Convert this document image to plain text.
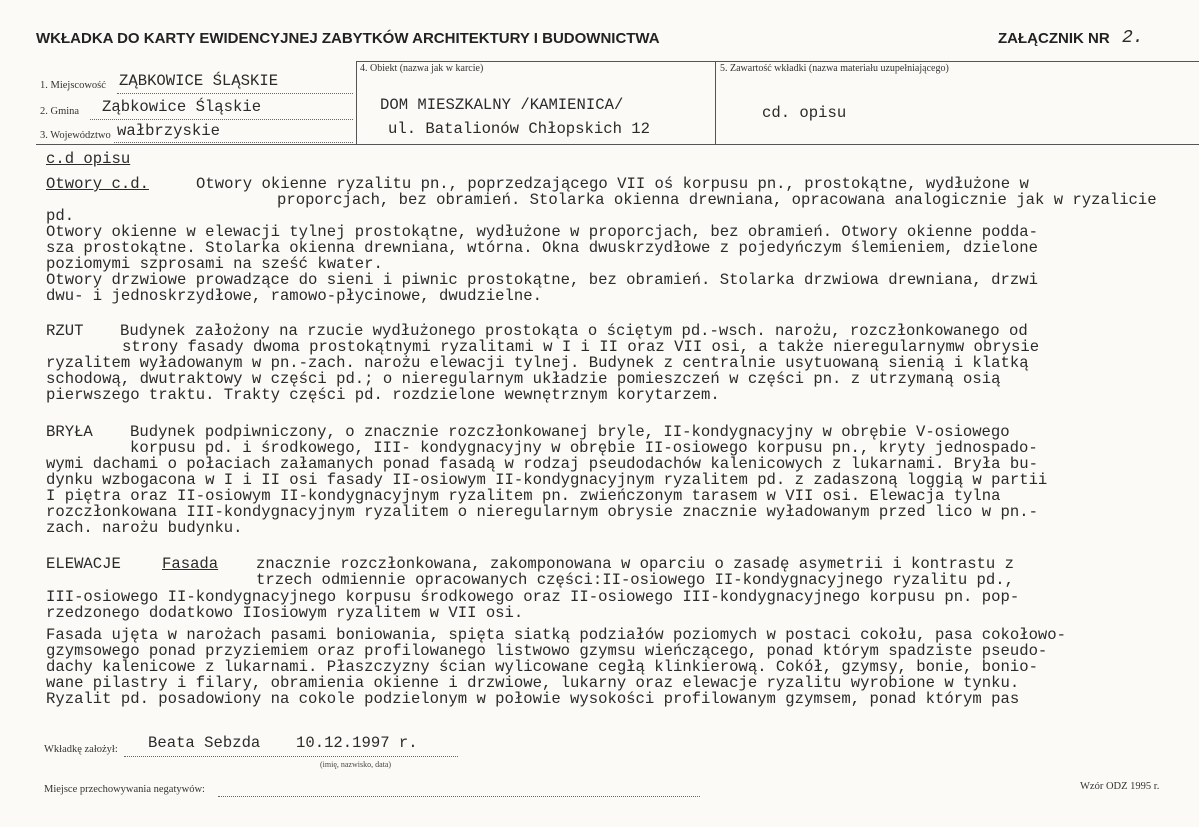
WKŁADKA DO KARTY EWIDENCYJNEJ ZABYTKÓW ARCHITEKTURY I BUDOWNICTWA	ZAŁĄCZNIK NR 2.
1. Miejscowość ZĄBKOWICE ŚLĄSKIE
2. Gmina Ząbkowice Śląskie
3. Województwo wałbrzyskie
4. Obiekt (nazwa jak w karcie)
DOM MIESZKALNY /KAMIENICA/
ul. Batalionów Chłopskich 12
5. Zawartość wkładki (nazwa materiału uzupełniającego)
cd. opisu
c.d opisu
Otwory c.d.	Otwory okienne ryzalitu pn., poprzedzającego VII oś korpusu pn., prostokątne, wydłużone w
proporcjach, bez obramień. Stolarka okienna drewniana, opracowana analogicznie jak w ryzalicie
pd.
Otwory okienne w elewacji tylnej prostokątne, wydłużone w proporcjach, bez obramień. Otwory okienne podda-
sza prostokątne. Stolarka okienna drewniana, wtórna. Okna dwuskrzydłowe z pojedyńczym ślemieniem, dzielone
poziomymi szprosami na sześć kwater.
Otwory drzwiowe prowadzące do sieni i piwnic prostokątne, bez obramień. Stolarka drzwiowa drewniana, drzwi
dwu- i jednoskrzydłowe, ramowo-płycinowe, dwudzielne.
RZUT Budynek założony na rzucie wydłużonego prostokąta o ściętym pd.-wsch. narożu, rozczłonkowanego od
strony fasady dwoma prostokątnymi ryzalitami w I i II oraz VII osi, a także nieregularnymw obrysie
ryzalitem wyładowanym w pn.-zach. narożu elewacji tylnej. Budynek z centralnie usytuowaną sienią i klatką
schodową, dwutraktowy w części pd.; o nieregularnym układzie pomieszczeń w części pn. z utrzymaną osią
pierwszego traktu. Trakty części pd. rozdzielone wewnętrznym korytarzem.
BRYŁA Budynek podpiwniczony, o znacznie rozczłonkowanej bryle, II-kondygnacyjny w obrębie V-osiowego
korpusu pd. i środkowego, III- kondygnacyjny w obrębie II-osiowego korpusu pn., kryty jednospado-
wymi dachami o połaciach załamanych ponad fasadą w rodzaj pseudodachów kalenicowych z lukarnami. Bryła bu-
dynku wzbogacona w I i II osi fasady II-osiowym II-kondygnacyjnym ryzalitem pd. z zadaszoną loggią w partii
I piętra oraz II-osiowym II-kondygnacyjnym ryzalitem pn. zwieńczonym tarasem w VII osi. Elewacja tylna
rozczłonkowana III-kondygnacyjnym ryzalitem o nieregularnym obrysie znacznie wyładowanym przed lico w pn.-
zach. narożu budynku.
ELEWACJE	Fasada znacznie rozczłonkowana, zakomponowana w oparciu o zasadę asymetrii i kontrastu z
trzech odmiennie opracowanych części:II-osiowego II-kondygnacyjnego ryzalitu pd.,
III-osiowego II-kondygnacyjnego korpusu środkowego oraz II-osiowego III-kondygnacyjnego korpusu pn. pop-
rzedzonego dodatkowo IIosiowym ryzalitem w VII osi.
Fasada ujęta w narożach pasami boniowania, spięta siatką podziałów poziomych w postaci cokołu, pasa cokołowo-
gzymsowego ponad przyziemiem oraz profilowanego listwowo gzymsu wieńczącego, ponad którym spadziste pseudo-
dachy kalenicowe z lukarnami. Płaszczyzny ścian wylicowane cegłą klinkierową. Cokół, gzymsy, bonie, bonio-
wane pilastry i filary, obramienia okienne i drzwiowe, lukarny oraz elewacje ryzalitu wyrobione w tynku.
Ryzalit pd. posadowiony na cokole podzielonym w połowie wysokości profilowanym gzymsem, ponad którym pas
Wkładkę założył: Beata Sebzda 10.12.1997 r.
(imię, nazwisko, data)
Miejsce przechowywania negatywów:	Wzór ODZ 1995 r.
